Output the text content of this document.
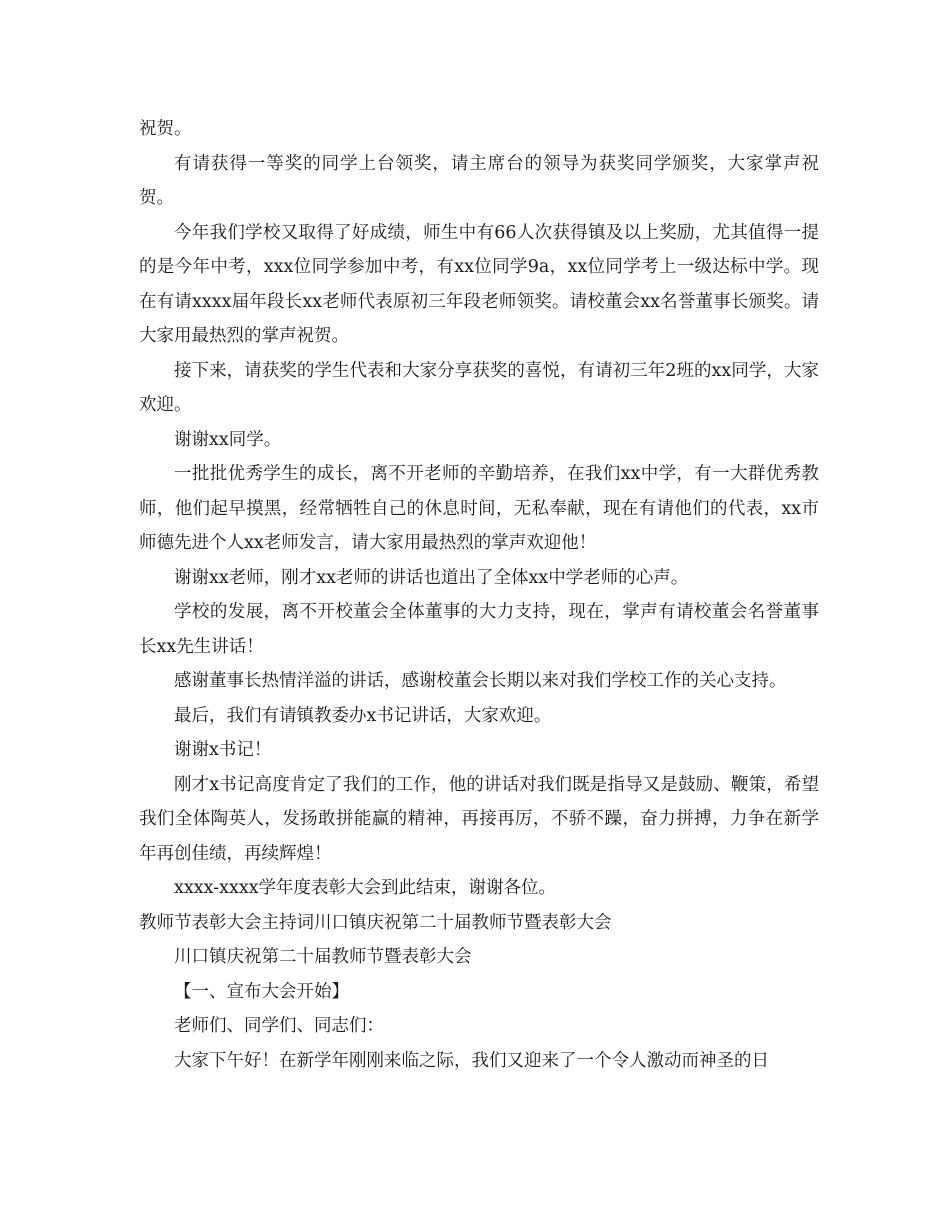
祝贺。

有请获得一等奖的同学上台领奖，请主席台的领导为获奖同学颁奖，大家掌声祝贺。

今年我们学校又取得了好成绩，师生中有66人次获得镇及以上奖励，尤其值得一提的是今年中考，xxx位同学参加中考，有xx位同学9a，xx位同学考上一级达标中学。现在有请xxxx届年段长xx老师代表原初三年段老师领奖。请校董会xx名誉董事长颁奖。请大家用最热烈的掌声祝贺。

接下来，请获奖的学生代表和大家分享获奖的喜悦，有请初三年2班的xx同学，大家欢迎。

谢谢xx同学。

一批批优秀学生的成长，离不开老师的辛勤培养，在我们xx中学，有一大群优秀教师，他们起早摸黑，经常牺牲自己的休息时间，无私奉献，现在有请他们的代表，xx市师德先进个人xx老师发言，请大家用最热烈的掌声欢迎他！

谢谢xx老师，刚才xx老师的讲话也道出了全体xx中学老师的心声。

学校的发展，离不开校董会全体董事的大力支持，现在，掌声有请校董会名誉董事长xx先生讲话！

感谢董事长热情洋溢的讲话，感谢校董会长期以来对我们学校工作的关心支持。

最后，我们有请镇教委办x书记讲话，大家欢迎。

谢谢x书记！

刚才x书记高度肯定了我们的工作，他的讲话对我们既是指导又是鼓励、鞭策，希望我们全体陶英人，发扬敢拼能赢的精神，再接再厉，不骄不躁，奋力拼搏，力争在新学年再创佳绩，再续辉煌！

xxxx-xxxx学年度表彰大会到此结束，谢谢各位。

教师节表彰大会主持词川口镇庆祝第二十届教师节暨表彰大会

川口镇庆祝第二十届教师节暨表彰大会

【一、宣布大会开始】

老师们、同学们、同志们：

大家下午好！在新学年刚刚来临之际，我们又迎来了一个令人激动而神圣的日
